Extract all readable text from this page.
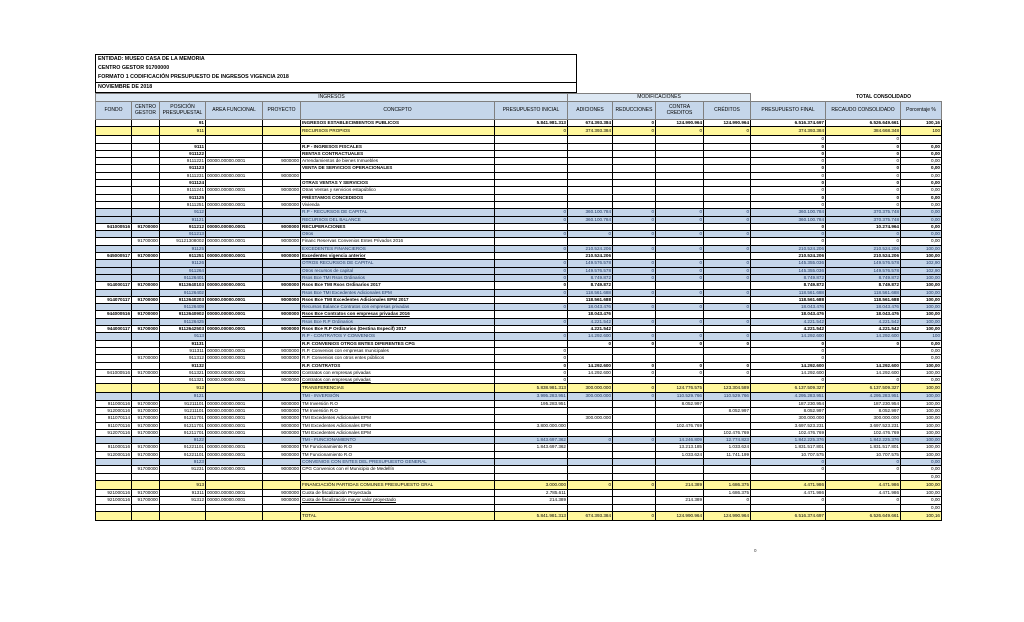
ENTIDAD: MUSEO CASA DE LA MEMORIA
CENTRO GESTOR 91700000
FORMATO 1 CODIFICACIÓN PRESUPUESTO DE INGRESOS VIGENCIA 2018
NOVIEMBRE DE 2018
INGRESOS							MODIFICACIONES					TOTAL CONSOLIDADO	
FONDO	CENTRO GESTOR	POSICIÓN PRESUPUESTAL	AREA FUNCIONAL	PROYECTO	CONCEPTO	PRESUPUESTO INICIAL	ADICIONES	REDUCCIONES	CONTRA CREDITOS	CRÉDITOS	PRESUPUESTO FINAL	RECAUDO CONSOLIDADO	Porcentaje %
		91			INGRESOS ESTABLECIMIENTOS PUBLICOS	5.841.981.313	674.393.384	0	124.990.964	124.990.964	6.516.374.697	6.526.649.661	100,16
		911			RECURSOS PROPIOS	0	374.393.384	0	0	0	374.393.384	384.668.348	100
											0	0	
		9111			R.P - INGRESOS FISCALES						0	0	0,00
		911122			RENTAS CONTRACTUALES						0	0	0,00
		9111221	00000.00000.0001	9000000	Arrendamientos de bienes Inmuebles						0	0	0,00
		911123			VENTA DE SERVICIOS OPERACIONALES						0	0	0,00
		9111231	00000.00000.0001	9000000							0	0	0,00
		911124			OTRAS VENTAS Y SERVICIOS						0	0	0,00
		9111241	00000.00000.0001	9000000	Otras Ventas y servicios estapúblico						0	0	0,00
		911125			PRÉSTAMOS CONCEDIDOS						0	0	0,00
		9111251	00000.00000.0001	9000000	Vivienda						0	0	0,00
		9112			R.P - RECURSOS DE CAPITAL	0	360.100.784	0	0	0	360.100.784	370.375.748	0,00
		91121			RECURSOS DEL BALANCE	0	360.100.784	0	0	0	360.100.784	370.375.748	0,00
941000516	91700000	911212	00000.00000.0001	9000000	RECUPERACIONES						0	10.274.964	0,00
		911213			Otros	0	0	0	0	0	0	0	0,00
	91700000	91121308002	00000.00000.0001	9000000	Financ Reservas Convenios Entes Privados 2016						0	0	0,00
		91125			EXCEDENTES FINANCIEROS	0	210.524.206	0	0	0	210.524.206	210.524.206	100,00
945000517	91700000	911251	00000.00000.0001	9000000	Excedentes vigencia anterior		210.524.206				210.524.206	210.524.206	100,00
		91126			OTROS RECURSOS DE CAPITAL	0	149.576.578	0	0	0	145.355.036	149.576.578	102,90
		911264			Otros recursos de capital	0	149.576.578	0	0	0	145.355.036	149.576.578	102,90
		91126401			Rsos Bce TMI Rsos Ordinarios	0	8.749.872	0	0	0	8.749.872	8.749.872	100,00
914000117	91700000	9112640103	00000.00000.0001	9000000	Rsos Bce TMI Rsos Ordinarios 2017	0	8.749.872				8.749.872	8.749.872	100,00
		91126402			Rsos Bce TMI Excedentes Adicionales EPM	0	118.561.688	0	0	0	118.561.688	118.561.688	100,00
914070117	91700000	9112640203	00000.00000.0001	9000000	Rsos Bce TMI Excedentes Adicionales EPM 2017		118.561.688				118.561.688	118.561.688	100,00
		91126409			Recursos Balance Contratos con empresas privadas	0	18.043.476	0	0	0	18.043.476	18.043.476	100,00
944000516	91700000	9112640902	00000.00000.0001	9000000	Rsos Bce Contratos con empresas privadas 2016		18.043.476				18.043.476	18.043.476	100,00
		91126425			Rsos Bce R.P Ordinarios	0	4.221.542	0	0	0	4.221.542	4.221.542	100,00
944000117	91700000	9112642503	00000.00000.0001	9000000	Rsos Bce R.P Ordinarios (Destina Especif) 2017		4.221.542				4.221.542	4.221.542	100,00
		9113			R.P - CONTRATOS Y CONVENIOS	0	14.292.600	0	0	0	14.292.600	14.292.600	100
		91131			R.P. CONVENIOS OTROS ENTES DIFERENTES CPG		0	0	0	0	0	0	0,00
		911311	00000.00000.0001	9000000	R.P. Convenios con empresas municipales	0					0		0,00
	91700000	911312	00000.00000.0001	9000000	R.P. Convenios con otros entes públicos	0					0		0,00
		91132			R.P. CONTRATOS	0	14.292.600	0	0	0	14.292.600	14.292.600	100,00
941000516	91700000	911321	00000.00000.0001	9000000	Contratos con empresas privadas	0	14.292.600	0	0	0	14.292.600	14.292.600	100,00
		911321	00000.00000.0001	9000000	Contratos con empresas privadas	0					0	0	0,00
		912			TRANSFERENCIAS	5.838.981.313	300.000.000	0	124.776.575	123.304.589	6.137.509.327	6.137.509.327	100,00
		9121			TMI - INVERSIÓN	3.995.283.951	300.000.000	0	110.529.766	110.529.766	4.295.283.951	4.295.283.951	100,00
911000116	91700000	91211101	00000.00000.0001	9000000	TM Inversión R.O	195.283.951			8.052.997		187.230.954	187.230.954	100,00
912000116	91700000	91211101	00000.00000.0001	9000000	TM Inversión R.O					8.052.997	8.052.997	8.052.997	100,00
911070114	91700000	91211701	00000.00000.0001	9000000	TMI Excedentes Adicionales EPM		300.000.000				300.000.000	300.000.000	100,00
911070116	91700000	91211701	00000.00000.0001	9000000	TMI Excedentes Adicionales EPM	3.800.000.000			102.476.769		3.697.523.231	3.697.523.231	100,00
912070116	91700000	91211701	00000.00000.0001	9000000	TMI Excedentes Adicionales EPM					102.476.769	102.476.769	102.476.769	100,00
		9122			TMI - FUNCIONAMIENTO	1.843.697.362	0	0	14.246.809	12.774.823	1.842.225.376	1.842.225.376	100,00
911000116	91700000	91221101	00000.00000.0001	9000000	TM Funcionamiento R.O	1.843.697.362			13.213.185	1.033.624	1.831.517.801	1.831.517.801	100,00
912000116	91700000	91221101	00000.00000.0001	9000000	TM Funcionamiento R.O				1.033.624	11.741.199	10.707.575	10.707.575	100,00
		9123			CONVENIOS CON ENTES DEL PRESUPUESTO GENERAL						0	0	0,00
	91700000	91231	00000.00000.0001	9000000	CPG Convenios con el Municipio de Medellín						0	0	0,00
													0,00
		913			FINANCIACIÓN PARTIDAS COMUNES PRESUPUESTO GRAL	3.000.000	0	0	214.389	1.686.375	4.471.986	4.471.986	100,00
921000116	91700000	91311	00000.00000.0001	9000000	Cuota de fiscalización Proyectada	2.785.611				1.686.375	4.471.986	4.471.986	100,00
921000116	91700000	91312	00000.00000.0001	9000000	Cuota de fiscalización mayor valor proyectado	214.389			214.389	0	0	0	0,00
													0,00
					TOTAL	5.841.981.313	674.393.384	0	124.990.964	124.990.964	6.516.374.697	6.526.649.661	100,16
0
